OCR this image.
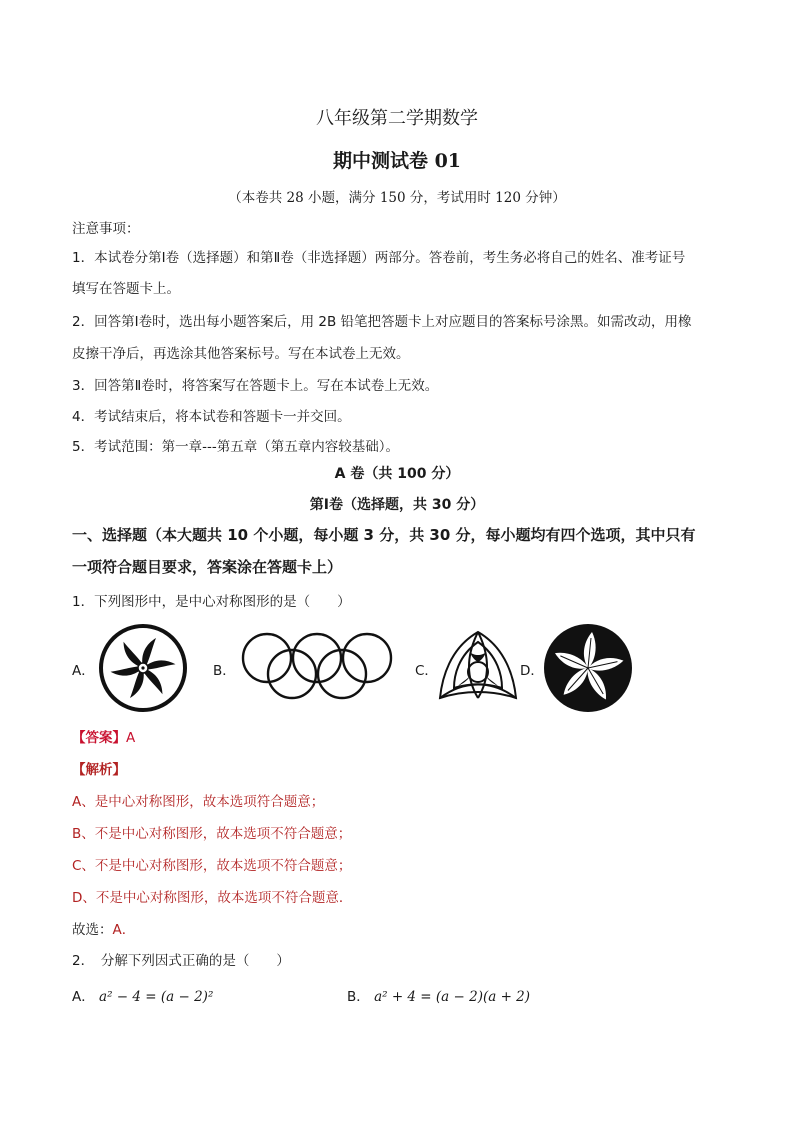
八年级第二学期数学
期中测试卷 01
（本卷共 28 小题，满分 150 分，考试用时 120 分钟）
注意事项：
1．本试卷分第Ⅰ卷（选择题）和第Ⅱ卷（非选择题）两部分。答卷前，考生务必将自己的姓名、准考证号
填写在答题卡上。
2．回答第Ⅰ卷时，选出每小题答案后，用 2B 铅笔把答题卡上对应题目的答案标号涂黑。如需改动，用橡
皮擦干净后，再选涂其他答案标号。写在本试卷上无效。
3．回答第Ⅱ卷时，将答案写在答题卡上。写在本试卷上无效。
4．考试结束后，将本试卷和答题卡一并交回。
5．考试范围：第一章---第五章（第五章内容较基础）。
A 卷（共 100 分）
第Ⅰ卷（选择题，共 30 分）
一、选择题（本大题共 10 个小题，每小题 3 分，共 30 分，每小题均有四个选项，其中只有
一项符合题目要求，答案涂在答题卡上）
1．下列图形中，是中心对称图形的是（　　）
A．	B．	C．	D．
【答案】A
【解析】
A、是中心对称图形，故本选项符合题意；
B、不是中心对称图形，故本选项不符合题意；
C、不是中心对称图形，故本选项不符合题意；
D、不是中心对称图形，故本选项不符合题意．
故选：A．
2．　分解下列因式正确的是（　　）
A． a² − 4 = (a − 2)²	B． a² + 4 = (a − 2)(a + 2)
